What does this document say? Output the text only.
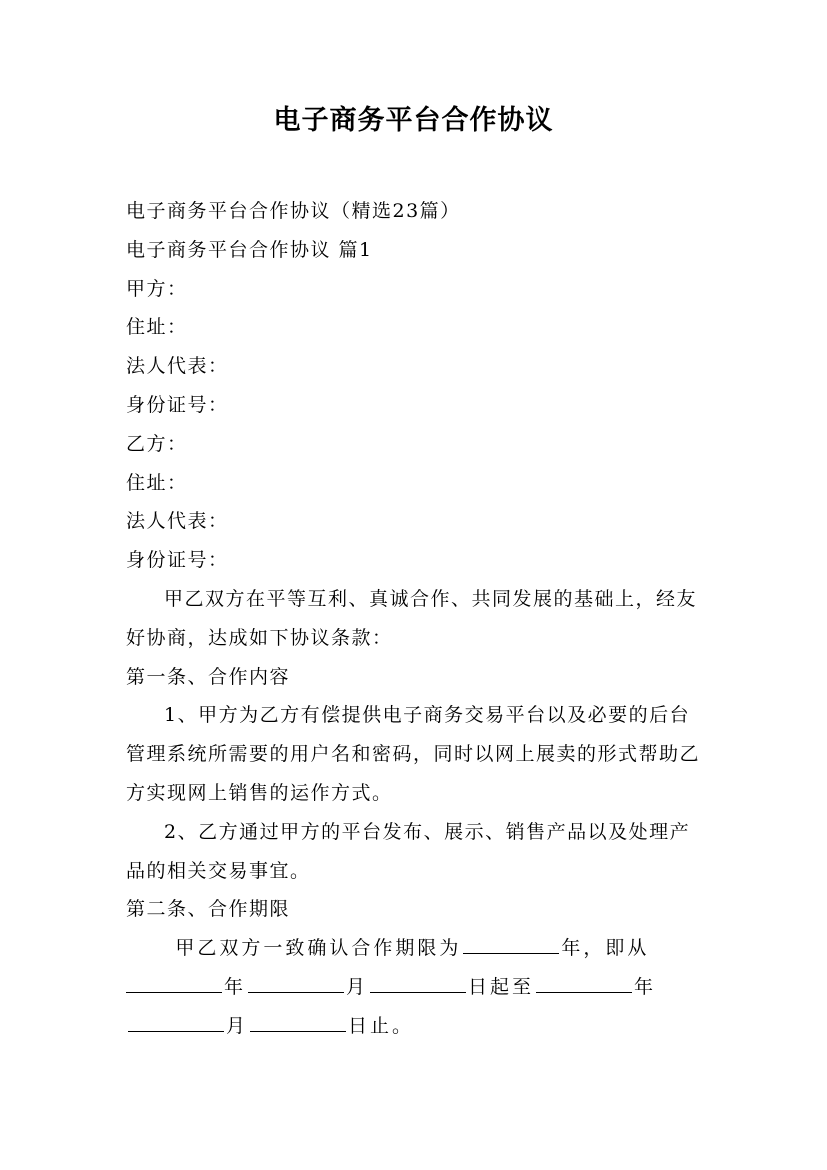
电子商务平台合作协议

电子商务平台合作协议（精选23篇）

电子商务平台合作协议 篇1

甲方：

住址：

法人代表：

身份证号：

乙方：

住址：

法人代表：

身份证号：

甲乙双方在平等互利、真诚合作、共同发展的基础上，经友好协商，达成如下协议条款：

第一条、合作内容

1、甲方为乙方有偿提供电子商务交易平台以及必要的后台管理系统所需要的用户名和密码，同时以网上展卖的形式帮助乙方实现网上销售的运作方式。

2、乙方通过甲方的平台发布、展示、销售产品以及处理产品的相关交易事宜。

第二条、合作期限

甲乙双方一致确认合作期限为	年，即从年	月	日起至	年月	日止。
